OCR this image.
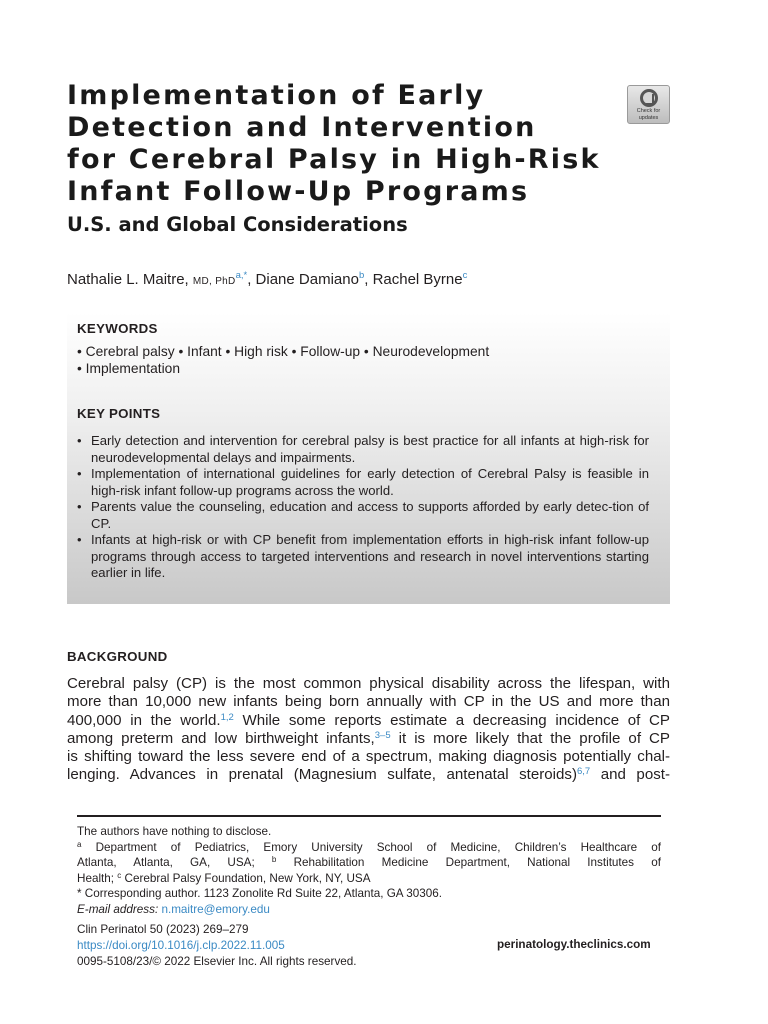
Implementation of Early
Detection and Intervention
for Cerebral Palsy in High-Risk
Infant Follow-Up Programs
Check for
updates
U.S. and Global Considerations
Nathalie L. Maitre, MD, PhD$^{a,*}$, Diane Damiano$^b$, Rachel Byrne$^c$
KEYWORDS
• Cerebral palsy • Infant • High risk • Follow-up • Neurodevelopment
• Implementation
KEY POINTS
• Early detection and intervention for cerebral palsy is best practice for all infants at high-risk for neurodevelopmental delays and impairments.
• Implementation of international guidelines for early detection of Cerebral Palsy is feasible in high-risk infant follow-up programs across the world.
• Parents value the counseling, education and access to supports afforded by early detec-tion of CP.
• Infants at high-risk or with CP benefit from implementation efforts in high-risk infant follow-up programs through access to targeted interventions and research in novel interventions starting earlier in life.
BACKGROUND
Cerebral palsy (CP) is the most common physical disability across the lifespan, with
more than 10,000 new infants being born annually with CP in the US and more than
400,000 in the world.$^{1,2}$ While some reports estimate a decreasing incidence of CP
among preterm and low birthweight infants,$^{3-5}$ it is more likely that the profile of CP
is shifting toward the less severe end of a spectrum, making diagnosis potentially chal-
lenging. Advances in prenatal (Magnesium sulfate, antenatal steroids)$^{6,7}$ and post-
The authors have nothing to disclose.
$^a$ Department of Pediatrics, Emory University School of Medicine, Children’s Healthcare of
Atlanta, Atlanta, GA, USA; $^b$ Rehabilitation Medicine Department, National Institutes of
Health; $^c$ Cerebral Palsy Foundation, New York, NY, USA
* Corresponding author. 1123 Zonolite Rd Suite 22, Atlanta, GA 30306.
E-mail address: n.maitre@emory.edu
Clin Perinatol 50 (2023) 269–279
https://doi.org/10.1016/j.clp.2022.11.005
0095-5108/23/© 2022 Elsevier Inc. All rights reserved.
perinatology.theclinics.com
